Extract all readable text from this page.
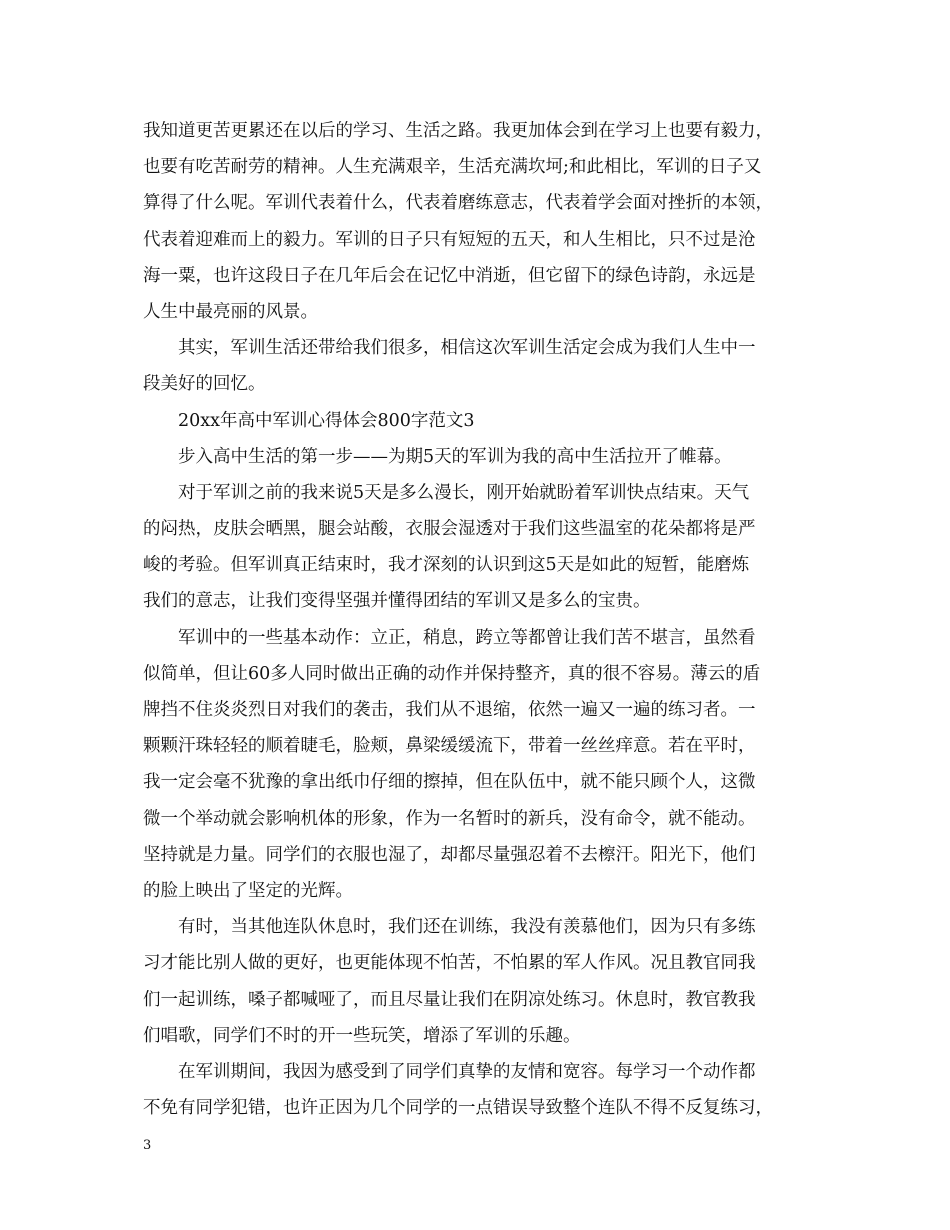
我知道更苦更累还在以后的学习、生活之路。我更加体会到在学习上也要有毅力，
也要有吃苦耐劳的精神。人生充满艰辛，生活充满坎坷;和此相比，军训的日子又
算得了什么呢。军训代表着什么，代表着磨练意志，代表着学会面对挫折的本领，
代表着迎难而上的毅力。军训的日子只有短短的五天，和人生相比，只不过是沧
海一粟，也许这段日子在几年后会在记忆中消逝，但它留下的绿色诗韵，永远是
人生中最亮丽的风景。
其实，军训生活还带给我们很多，相信这次军训生活定会成为我们人生中一
段美好的回忆。
20xx年高中军训心得体会800字范文3
步入高中生活的第一步——为期5天的军训为我的高中生活拉开了帷幕。
对于军训之前的我来说5天是多么漫长，刚开始就盼着军训快点结束。天气
的闷热，皮肤会晒黑，腿会站酸，衣服会湿透对于我们这些温室的花朵都将是严
峻的考验。但军训真正结束时，我才深刻的认识到这5天是如此的短暂，能磨炼
我们的意志，让我们变得坚强并懂得团结的军训又是多么的宝贵。
军训中的一些基本动作：立正，稍息，跨立等都曾让我们苦不堪言，虽然看
似简单，但让60多人同时做出正确的动作并保持整齐，真的很不容易。薄云的盾
牌挡不住炎炎烈日对我们的袭击，我们从不退缩，依然一遍又一遍的练习者。一
颗颗汗珠轻轻的顺着睫毛，脸颊，鼻梁缓缓流下，带着一丝丝痒意。若在平时，
我一定会毫不犹豫的拿出纸巾仔细的擦掉，但在队伍中，就不能只顾个人，这微
微一个举动就会影响机体的形象，作为一名暂时的新兵，没有命令，就不能动。
坚持就是力量。同学们的衣服也湿了，却都尽量强忍着不去檫汗。阳光下，他们
的脸上映出了坚定的光辉。
有时，当其他连队休息时，我们还在训练，我没有羡慕他们，因为只有多练
习才能比别人做的更好，也更能体现不怕苦，不怕累的军人作风。况且教官同我
们一起训练，嗓子都喊哑了，而且尽量让我们在阴凉处练习。休息时，教官教我
们唱歌，同学们不时的开一些玩笑，增添了军训的乐趣。
在军训期间，我因为感受到了同学们真挚的友情和宽容。每学习一个动作都
不免有同学犯错，也许正因为几个同学的一点错误导致整个连队不得不反复练习，
3
